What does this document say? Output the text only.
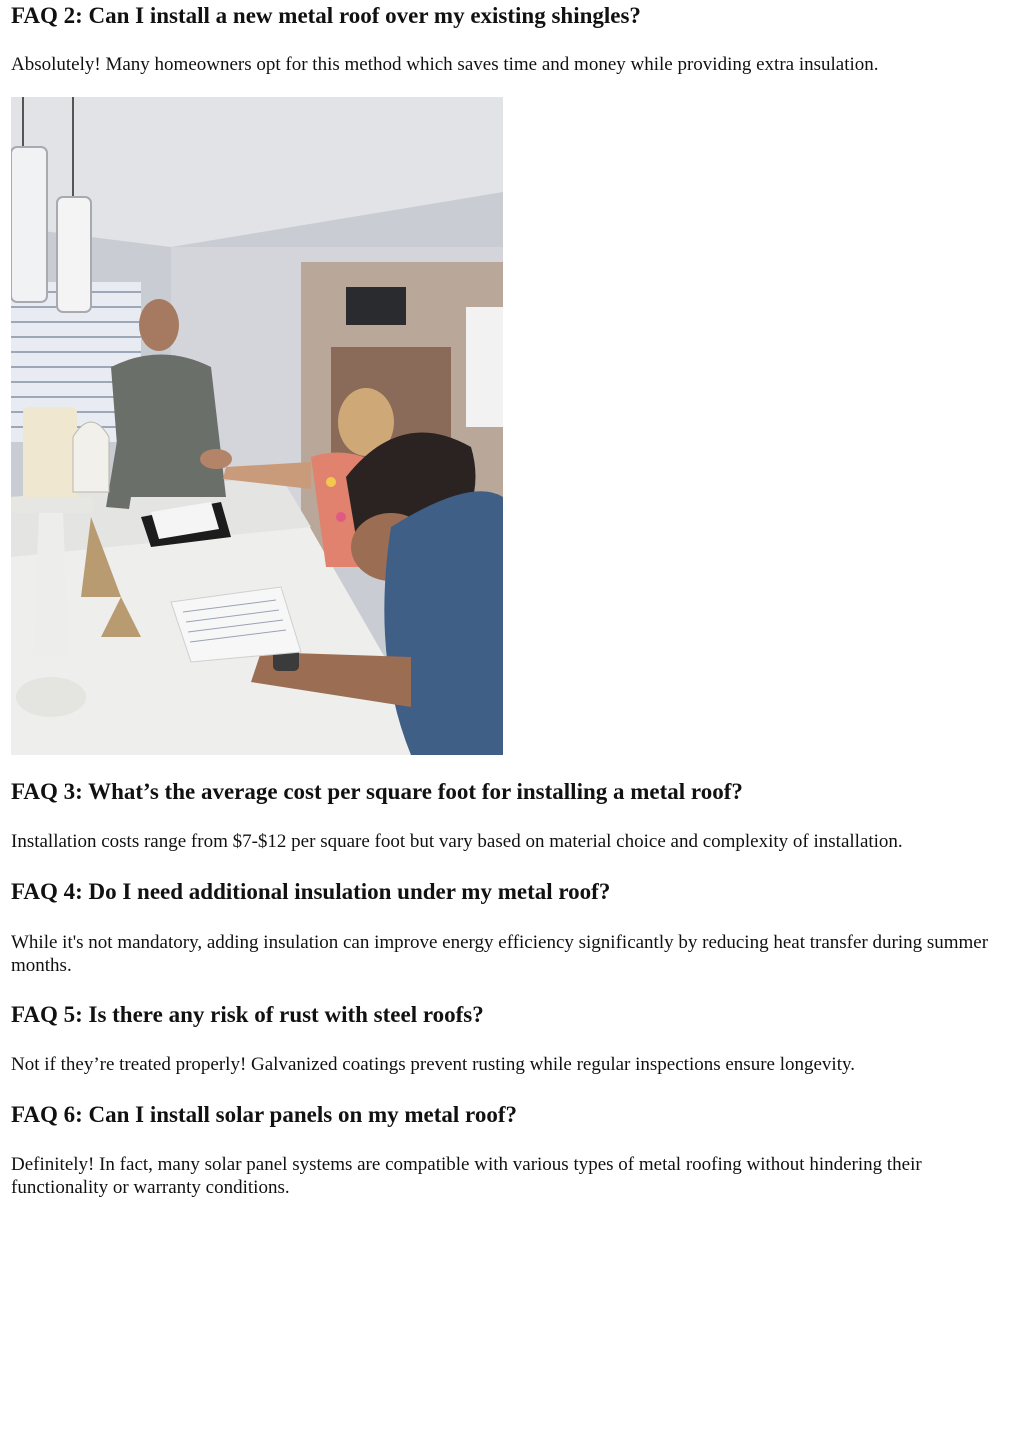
FAQ 2: Can I install a new metal roof over my existing shingles?

Absolutely! Many homeowners opt for this method which saves time and money while providing extra insulation.

FAQ 3: What’s the average cost per square foot for installing a metal roof?

Installation costs range from $7-$12 per square foot but vary based on material choice and complexity of installation.

FAQ 4: Do I need additional insulation under my metal roof?

While it's not mandatory, adding insulation can improve energy efficiency significantly by reducing heat transfer during summer months.

FAQ 5: Is there any risk of rust with steel roofs?

Not if they’re treated properly! Galvanized coatings prevent rusting while regular inspections ensure longevity.

FAQ 6: Can I install solar panels on my metal roof?

Definitely! In fact, many solar panel systems are compatible with various types of metal roofing without hindering their functionality or warranty conditions.
